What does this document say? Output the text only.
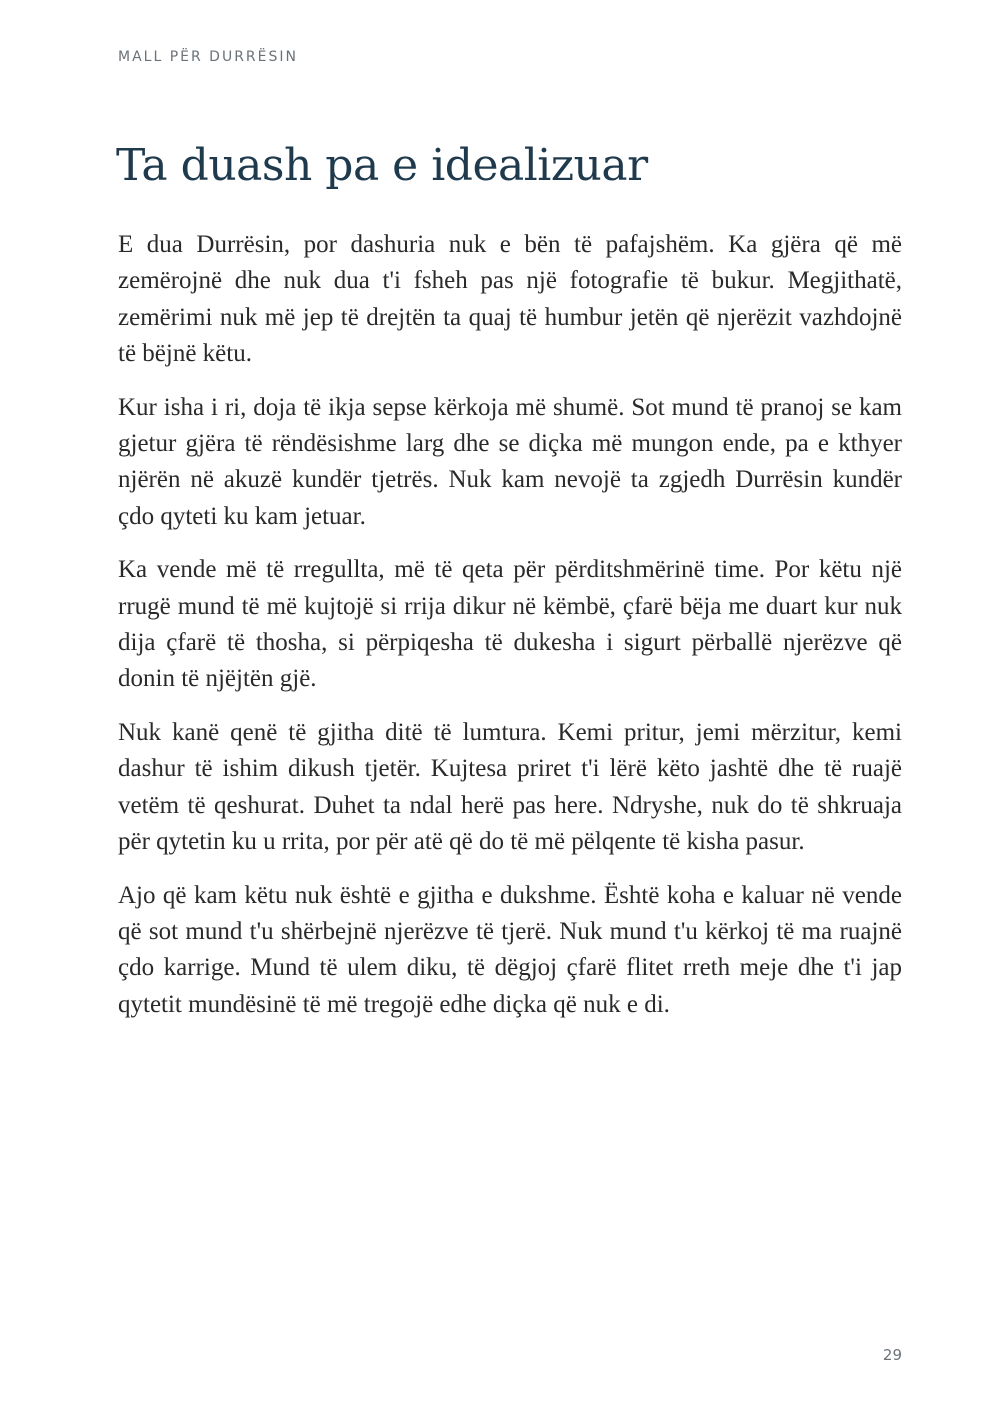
MALL PËR DURRËSIN
Ta duash pa e idealizuar

E dua Durrësin, por dashuria nuk e bën të pafajshëm. Ka gjëra që më zemërojnë dhe nuk dua t'i fsheh pas një fotografie të bukur. Megjithatë, zemërimi nuk më jep të drejtën ta quaj të humbur jetën që njerëzit vazhdojnë të bëjnë këtu.

Kur isha i ri, doja të ikja sepse kërkoja më shumë. Sot mund të pranoj se kam gjetur gjëra të rëndësishme larg dhe se diçka më mungon ende, pa e kthyer njërën në akuzë kundër tjetrës. Nuk kam nevojë ta zgjedh Durrësin kundër çdo qyteti ku kam jetuar.

Ka vende më të rregullta, më të qeta për përditshmërinë time. Por këtu një rrugë mund të më kujtojë si rrija dikur në këmbë, çfarë bëja me duart kur nuk dija çfarë të thosha, si përpiqesha të dukesha i sigurt përballë njerëzve që donin të njëjtën gjë.

Nuk kanë qenë të gjitha ditë të lumtura. Kemi pritur, jemi mërzitur, kemi dashur të ishim dikush tjetër. Kujtesa priret t'i lërë këto jashtë dhe të ruajë vetëm të qeshurat. Duhet ta ndal herë pas here. Ndryshe, nuk do të shkruaja për qytetin ku u rrita, por për atë që do të më pëlqente të kisha pasur.

Ajo që kam këtu nuk është e gjitha e dukshme. Është koha e kaluar në vende që sot mund t'u shërbejnë njerëzve të tjerë. Nuk mund t'u kërkoj të ma ruajnë çdo karrige. Mund të ulem diku, të dëgjoj çfarë flitet rreth meje dhe t'i jap qytetit mundësinë të më tregojë edhe diçka që nuk e di.

29
